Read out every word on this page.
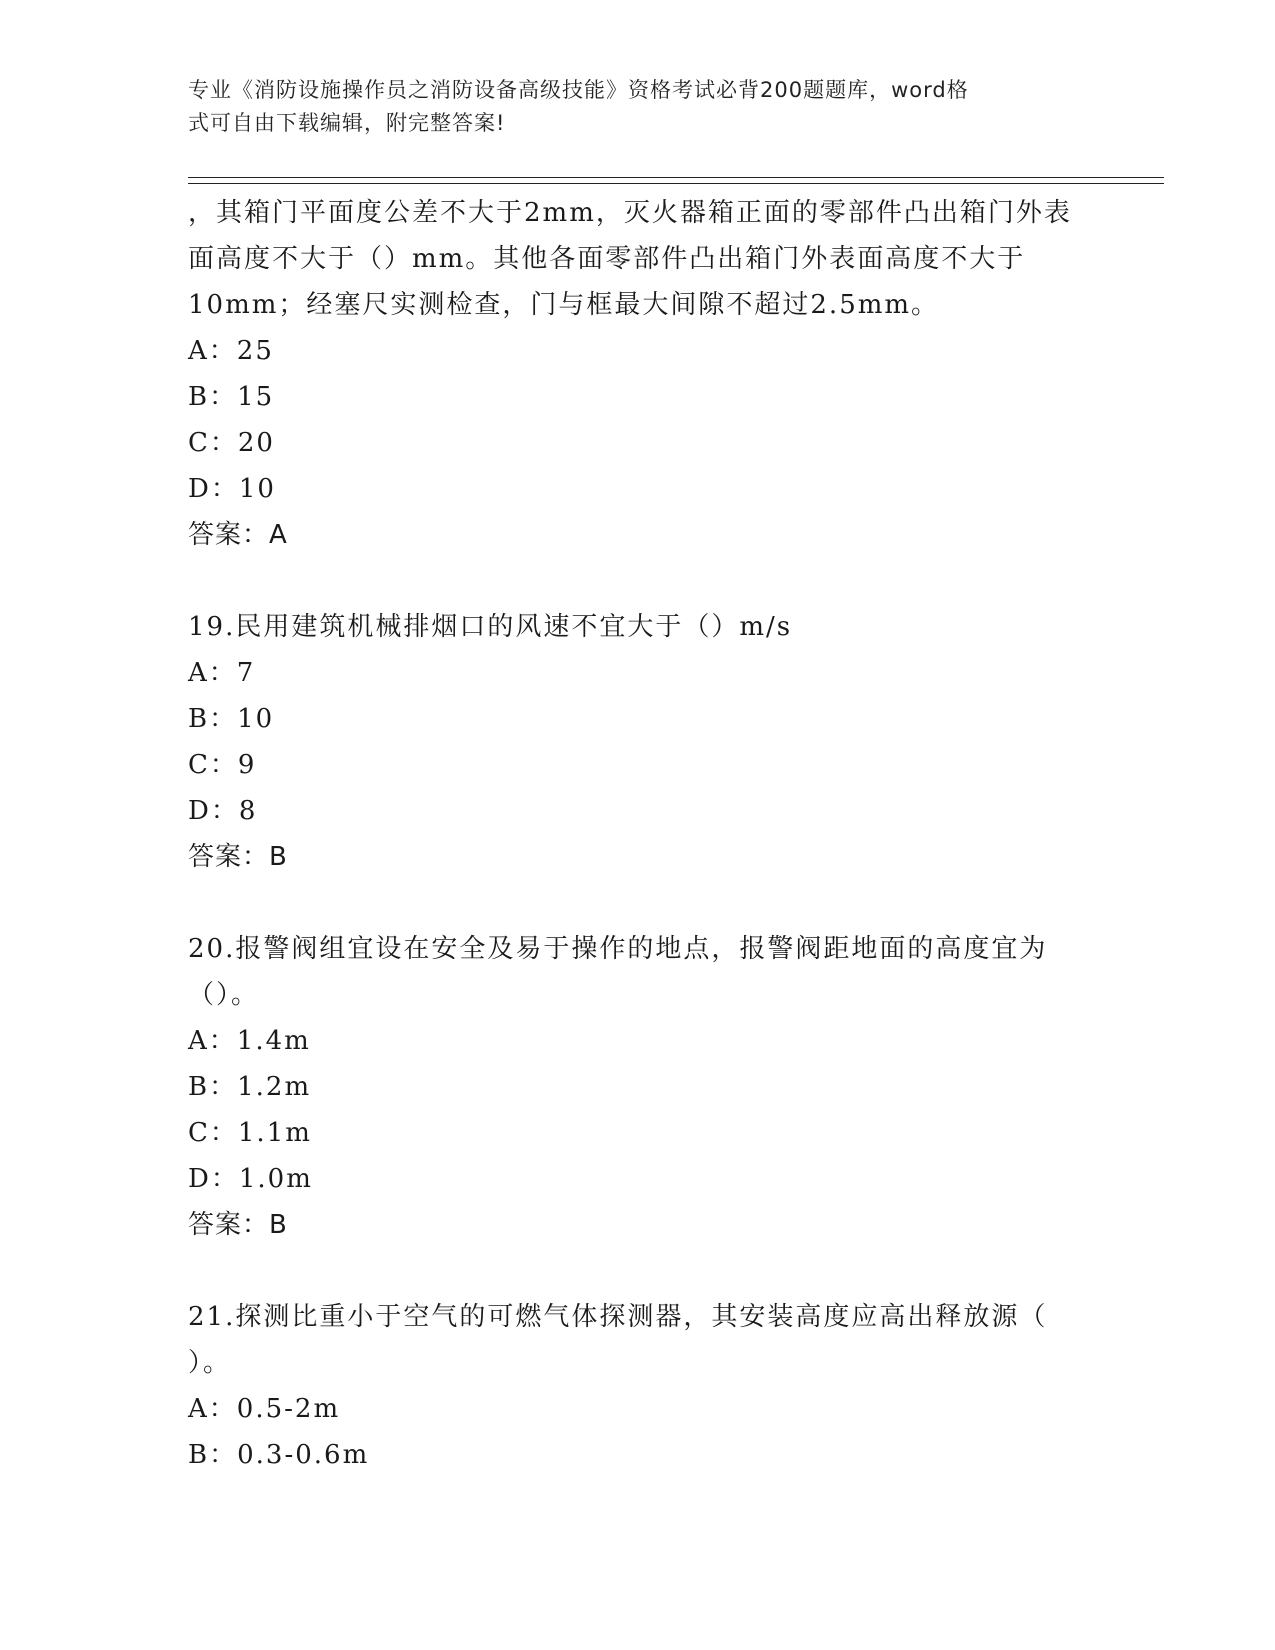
专业《消防设施操作员之消防设备高级技能》资格考试必背200题题库，word格
式可自由下载编辑，附完整答案!
，其箱门平面度公差不大于2mm，灭火器箱正面的零部件凸出箱门外表
面高度不大于（）mm。其他各面零部件凸出箱门外表面高度不大于
10mm；经塞尺实测检查，门与框最大间隙不超过2.5mm。
A：25
B：15
C：20
D：10
答案：A
19.民用建筑机械排烟口的风速不宜大于（）m/s
A：7
B：10
C：9
D：8
答案：B
20.报警阀组宜设在安全及易于操作的地点，报警阀距地面的高度宜为
（）。
A：1.4m
B：1.2m
C：1.1m
D：1.0m
答案：B
21.探测比重小于空气的可燃气体探测器，其安装高度应高出释放源（
）。
A：0.5-2m
B：0.3-0.6m
